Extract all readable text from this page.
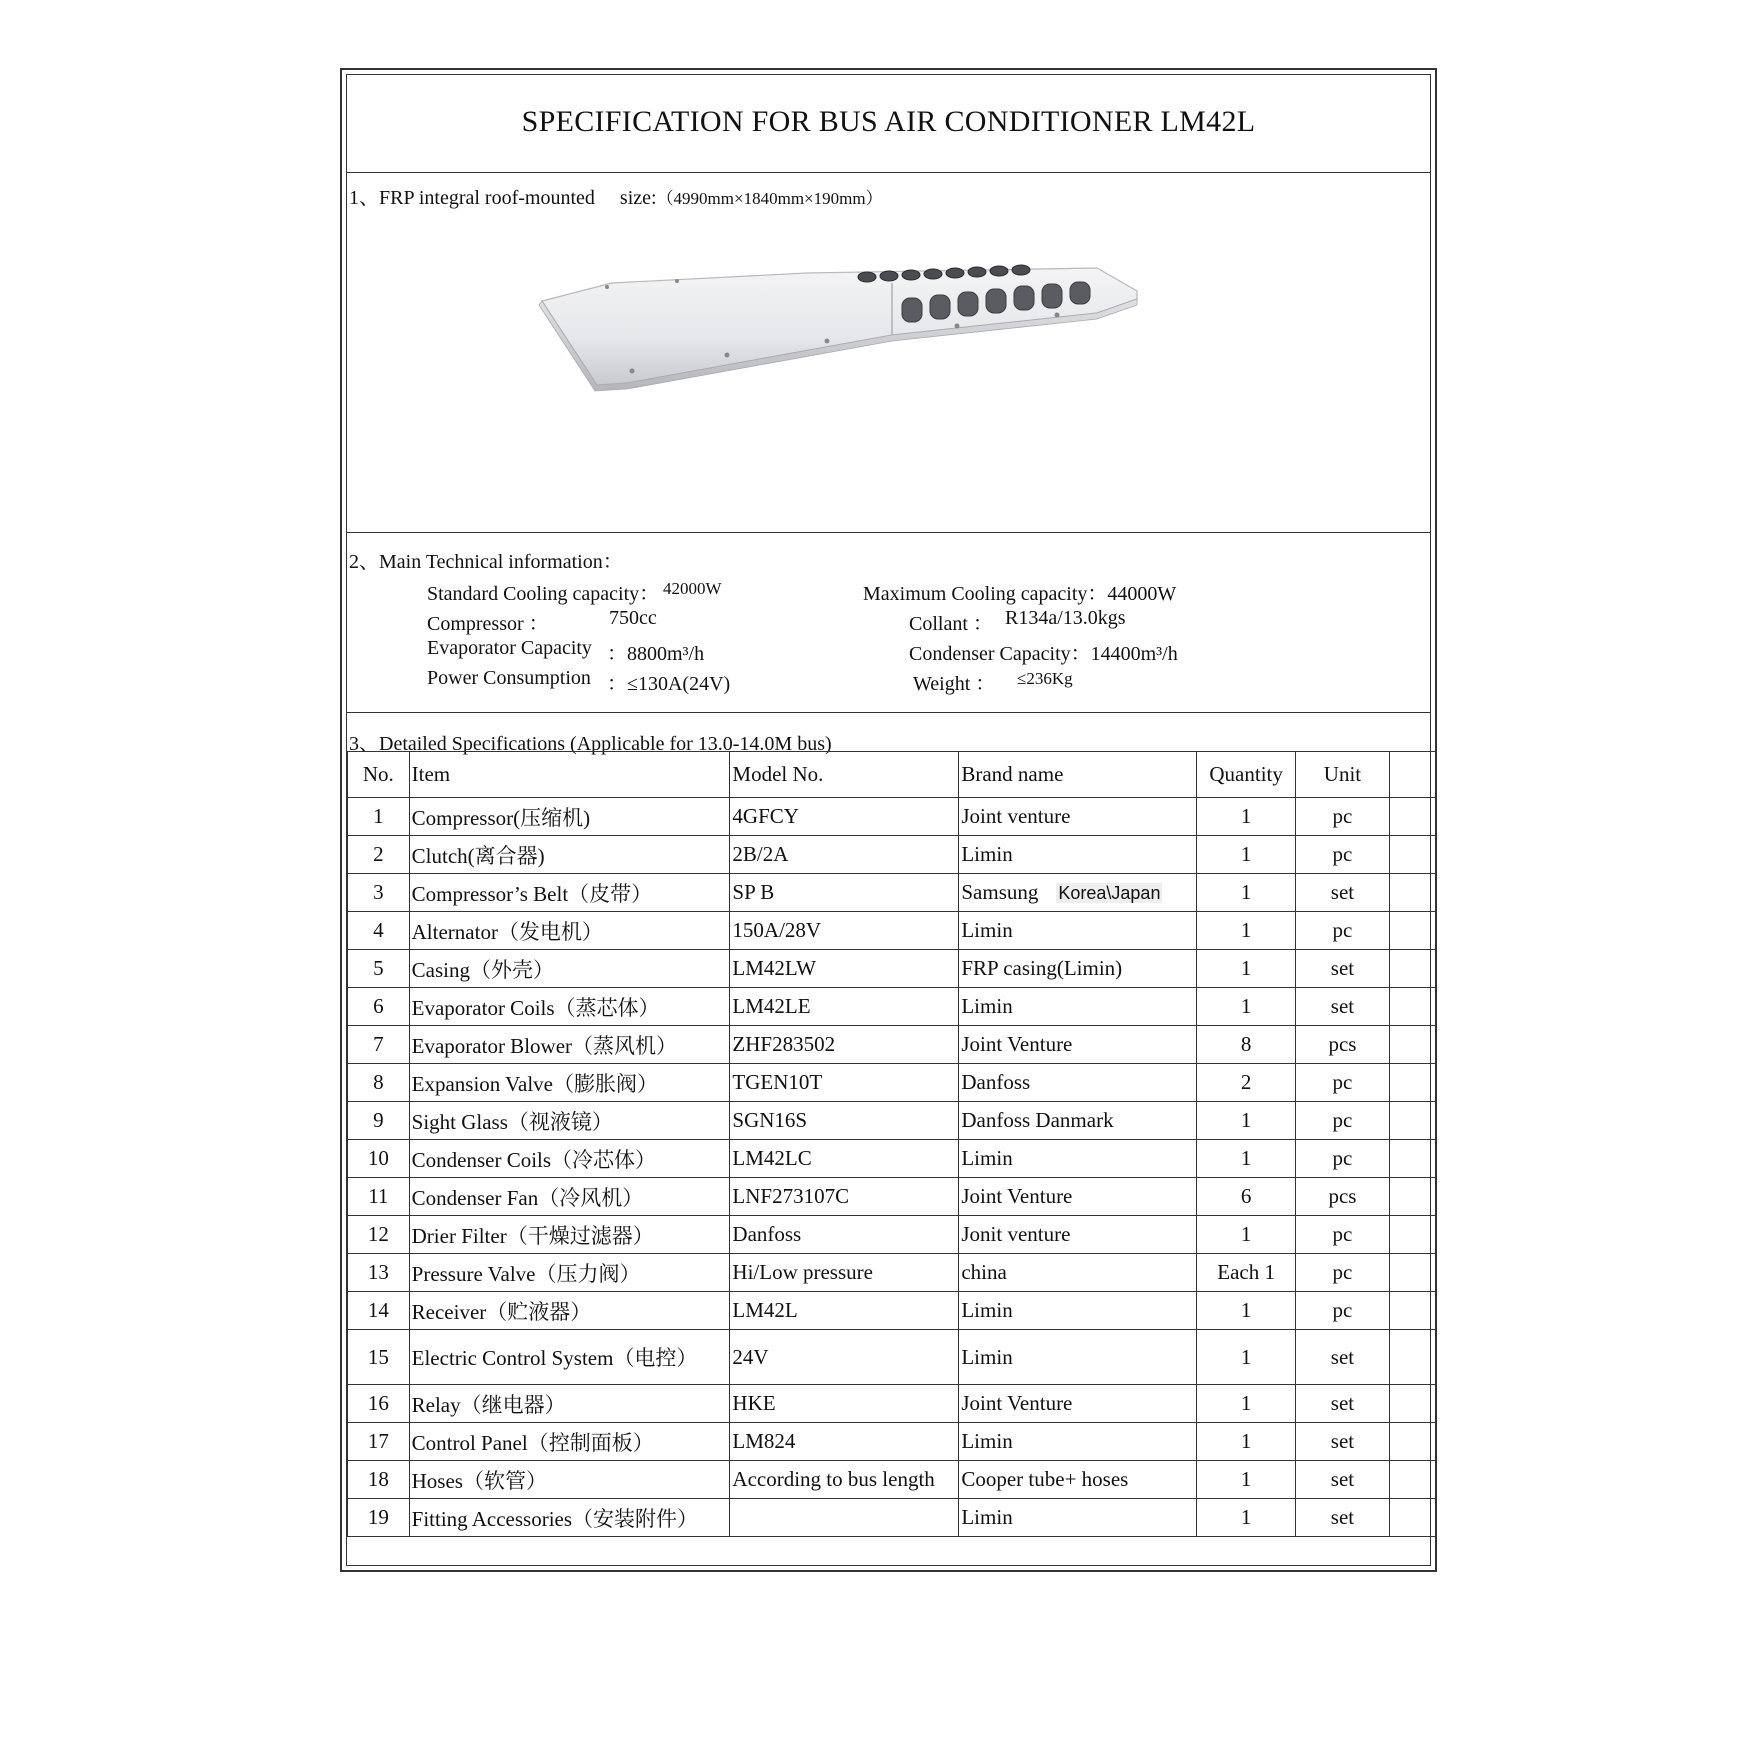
SPECIFICATION FOR BUS AIR CONDITIONER LM42L
1、FRP integral roof-mounted size:（4990mm×1840mm×190mm）
2、Main Technical information：
Standard Cooling capacity： 42000W
Compressor ：	750cc
Evaporator Capacity ：8800m³/h
Power Consumption ：≤130A(24V)
Maximum Cooling capacity：44000W
Collant ： R134a/13.0kgs
Condenser Capacity：14400m³/h
Weight ： ≤236Kg
3、Detailed Specifications (Applicable for 13.0-14.0M bus)
No.	Item	Model No.	Brand name	Quantity	Unit	
1	Compressor(压缩机)	4GFCY	Joint venture	1	pc	
2	Clutch(离合器)	2B/2A	Limin	1	pc	
3	Compressor’s Belt（皮带）	SP B	Samsung Korea\Japan	1	set	
4	Alternator（发电机）	150A/28V	Limin	1	pc	
5	Casing（外壳）	LM42LW	FRP casing(Limin)	1	set	
6	Evaporator Coils（蒸芯体）	LM42LE	Limin	1	set	
7	Evaporator Blower（蒸风机）	ZHF283502	Joint Venture	8	pcs	
8	Expansion Valve（膨胀阀）	TGEN10T	Danfoss	2	pc	
9	Sight Glass（视液镜）	SGN16S	Danfoss Danmark	1	pc	
10	Condenser Coils（冷芯体）	LM42LC	Limin	1	pc	
11	Condenser Fan（冷风机）	LNF273107C	Joint Venture	6	pcs	
12	Drier Filter（干燥过滤器）	Danfoss	Jonit venture	1	pc	
13	Pressure Valve（压力阀）	Hi/Low pressure	china	Each 1	pc	
14	Receiver（贮液器）	LM42L	Limin	1	pc	
15	Electric Control System（电控）	24V	Limin	1	set	
16	Relay（继电器）	HKE	Joint Venture	1	set	
17	Control Panel（控制面板）	LM824	Limin	1	set	
18	Hoses（软管）	According to bus length	Cooper tube+ hoses	1	set	
19	Fitting Accessories（安装附件）		Limin	1	set	
